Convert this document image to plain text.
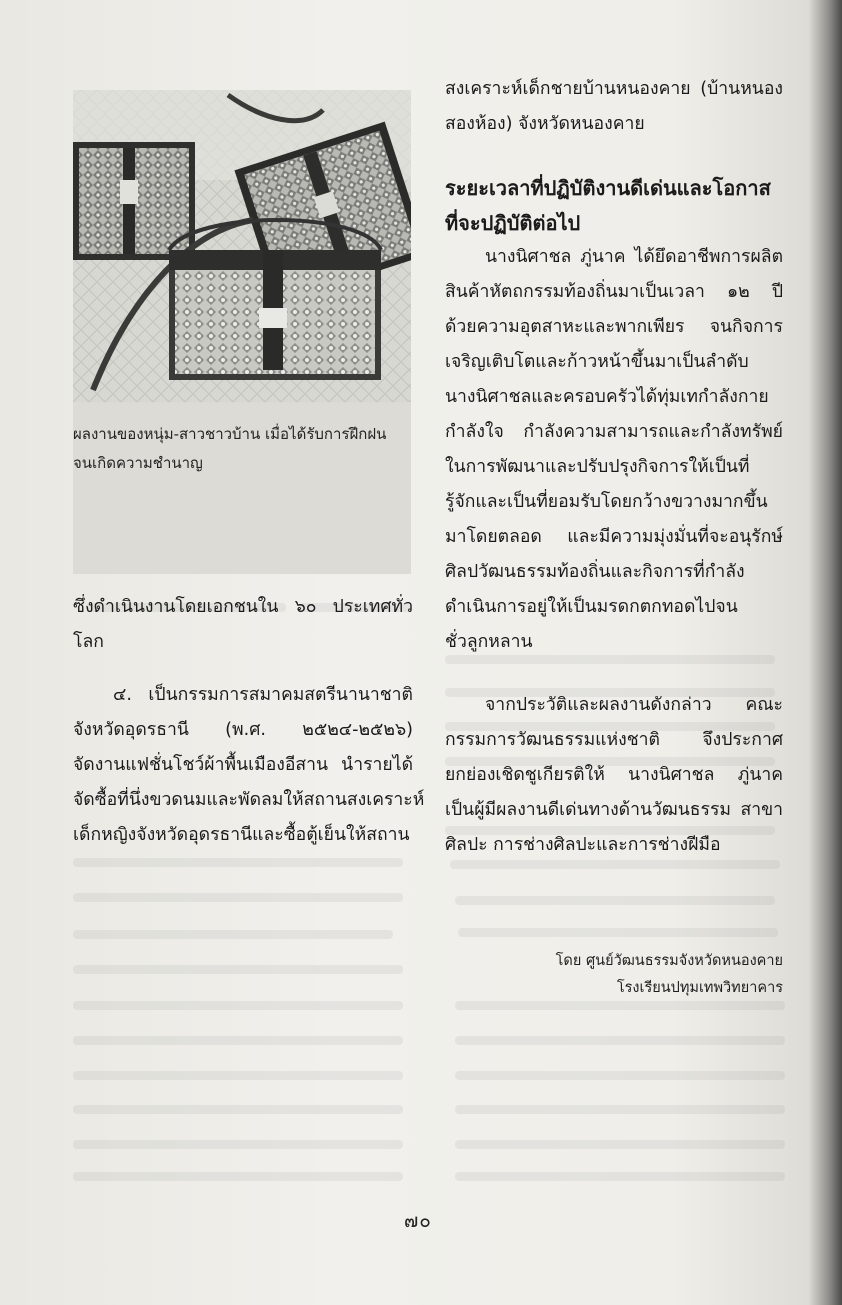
ผลงานของหนุ่ม-สาวชาวบ้าน เมื่อได้รับการฝึกฝน
จนเกิดความชำนาญ
ซึ่งดำเนินงานโดยเอกชนใน ๖๐ ประเทศทั่ว
โลก
๔. เป็นกรรมการสมาคมสตรีนานาชาติ
จังหวัดอุดรธานี (พ.ศ. ๒๕๒๔-๒๕๒๖)
จัดงานแฟชั่นโชว์ผ้าพื้นเมืองอีสาน นำรายได้
จัดซื้อที่นึ่งขวดนมและพัดลมให้สถานสงเคราะห์
เด็กหญิงจังหวัดอุดรธานีและซื้อตู้เย็นให้สถาน
สงเคราะห์เด็กชายบ้านหนองคาย (บ้านหนอง
สองห้อง) จังหวัดหนองคาย
ระยะเวลาที่ปฏิบัติงานดีเด่นและโอกาส
ที่จะปฏิบัติต่อไป
นางนิศาชล ภู่นาค ได้ยึดอาชีพการผลิต
สินค้าหัตถกรรมท้องถิ่นมาเป็นเวลา ๑๒ ปี
ด้วยความอุตสาหะและพากเพียร จนกิจการ
เจริญเติบโตและก้าวหน้าขึ้นมาเป็นลำดับ
นางนิศาชลและครอบครัวได้ทุ่มเทกำลังกาย
กำลังใจ กำลังความสามารถและกำลังทรัพย์
ในการพัฒนาและปรับปรุงกิจการให้เป็นที่
รู้จักและเป็นที่ยอมรับโดยกว้างขวางมากขึ้น
มาโดยตลอด และมีความมุ่งมั่นที่จะอนุรักษ์
ศิลปวัฒนธรรมท้องถิ่นและกิจการที่กำลัง
ดำเนินการอยู่ให้เป็นมรดกตกทอดไปจน
ชั่วลูกหลาน
จากประวัติและผลงานดังกล่าว คณะ
กรรมการวัฒนธรรมแห่งชาติ จึงประกาศ
ยกย่องเชิดชูเกียรติให้ นางนิศาชล ภู่นาค
เป็นผู้มีผลงานดีเด่นทางด้านวัฒนธรรม สาขา
ศิลปะ การช่างศิลปะและการช่างฝีมือ
โดย ศูนย์วัฒนธรรมจังหวัดหนองคาย
โรงเรียนปทุมเทพวิทยาคาร
๗๐
